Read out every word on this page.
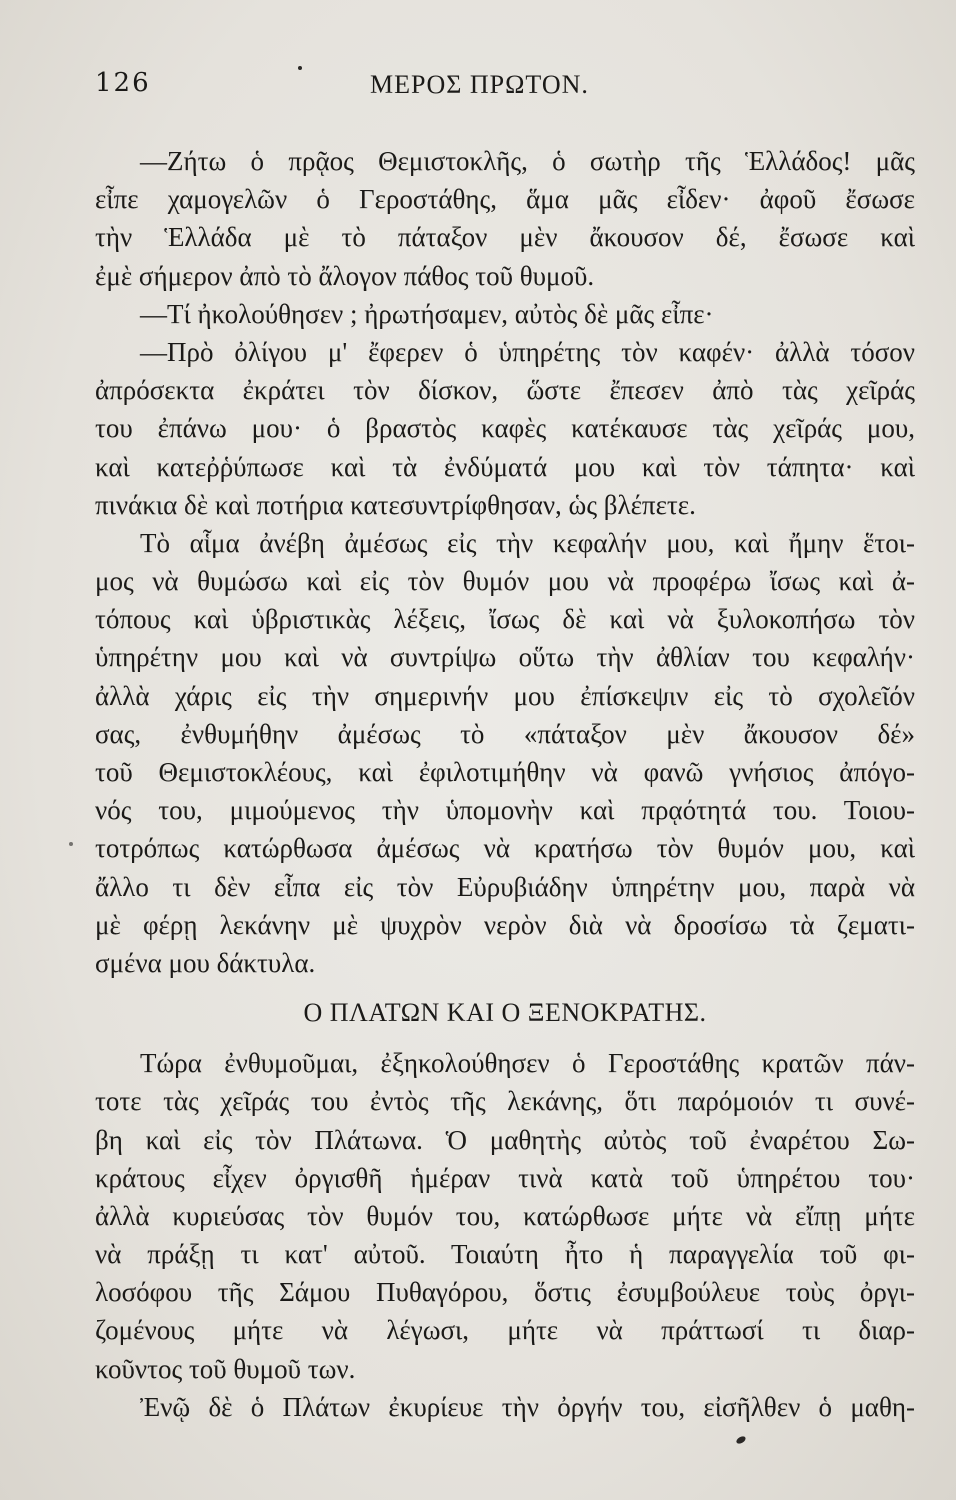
126	ΜΕΡΟΣ ΠΡΩΤΟΝ.
—Ζήτω ὁ πρᾷος Θεμιστοκλῆς, ὁ σωτὴρ τῆς Ἑλλάδος! μᾶς
εἶπε χαμογελῶν ὁ Γεροστάθης, ἅμα μᾶς εἶδεν· ἀφοῦ ἔσωσε
τὴν Ἑλλάδα μὲ τὸ πάταξον μὲν ἄκουσον δέ, ἔσωσε καὶ
ἐμὲ σήμερον ἀπὸ τὸ ἄλογον πάθος τοῦ θυμοῦ.
—Τί ἠκολούθησεν ; ἠρωτήσαμεν, αὐτὸς δὲ μᾶς εἶπε·
—Πρὸ ὀλίγου μ' ἔφερεν ὁ ὑπηρέτης τὸν καφέν· ἀλλὰ τόσον
ἀπρόσεκτα ἐκράτει τὸν δίσκον, ὥστε ἔπεσεν ἀπὸ τὰς χεῖράς
του ἐπάνω μου· ὁ βραστὸς καφὲς κατέκαυσε τὰς χεῖράς μου,
καὶ κατεῤῥύπωσε καὶ τὰ ἐνδύματά μου καὶ τὸν τάπητα· καὶ
πινάκια δὲ καὶ ποτήρια κατεσυντρίφθησαν, ὡς βλέπετε.
Τὸ αἷμα ἀνέβη ἀμέσως εἰς τὴν κεφαλήν μου, καὶ ἤμην ἕτοι-
μος νὰ θυμώσω καὶ εἰς τὸν θυμόν μου νὰ προφέρω ἴσως καὶ ἀ-
τόπους καὶ ὑβριστικὰς λέξεις, ἴσως δὲ καὶ νὰ ξυλοκοπήσω τὸν
ὑπηρέτην μου καὶ νὰ συντρίψω οὕτω τὴν ἀθλίαν του κεφαλήν·
ἀλλὰ χάρις εἰς τὴν σημερινήν μου ἐπίσκεψιν εἰς τὸ σχολεῖόν
σας, ἐνθυμήθην ἀμέσως τὸ «πάταξον μὲν ἄκουσον δέ»
τοῦ Θεμιστοκλέους, καὶ ἐφιλοτιμήθην νὰ φανῶ γνήσιος ἀπόγο-
νός του, μιμούμενος τὴν ὑπομονὴν καὶ πρᾳότητά του. Τοιου-
τοτρόπως κατώρθωσα ἀμέσως νὰ κρατήσω τὸν θυμόν μου, καὶ
ἄλλο τι δὲν εἶπα εἰς τὸν Εὐρυβιάδην ὑπηρέτην μου, παρὰ νὰ
μὲ φέρῃ λεκάνην μὲ ψυχρὸν νερὸν διὰ νὰ δροσίσω τὰ ζεματι-
σμένα μου δάκτυλα.
Ο ΠΛΑΤΩΝ ΚΑΙ Ο ΞΕΝΟΚΡΑΤΗΣ.
Τώρα ἐνθυμοῦμαι, ἐξηκολούθησεν ὁ Γεροστάθης κρατῶν πάν-
τοτε τὰς χεῖράς του ἐντὸς τῆς λεκάνης, ὅτι παρόμοιόν τι συνέ-
βη καὶ εἰς τὸν Πλάτωνα. Ὁ μαθητὴς αὐτὸς τοῦ ἐναρέτου Σω-
κράτους εἶχεν ὀργισθῆ ἡμέραν τινὰ κατὰ τοῦ ὑπηρέτου του·
ἀλλὰ κυριεύσας τὸν θυμόν του, κατώρθωσε μήτε νὰ εἴπῃ μήτε
νὰ πράξῃ τι κατ' αὐτοῦ. Τοιαύτη ἦτο ἡ παραγγελία τοῦ φι-
λοσόφου τῆς Σάμου Πυθαγόρου, ὅστις ἐσυμβούλευε τοὺς ὀργι-
ζομένους μήτε νὰ λέγωσι, μήτε νὰ πράττωσί τι διαρ-
κοῦντος τοῦ θυμοῦ των.
Ἐνῷ δὲ ὁ Πλάτων ἐκυρίευε τὴν ὀργήν του, εἰσῆλθεν ὁ μαθη-
